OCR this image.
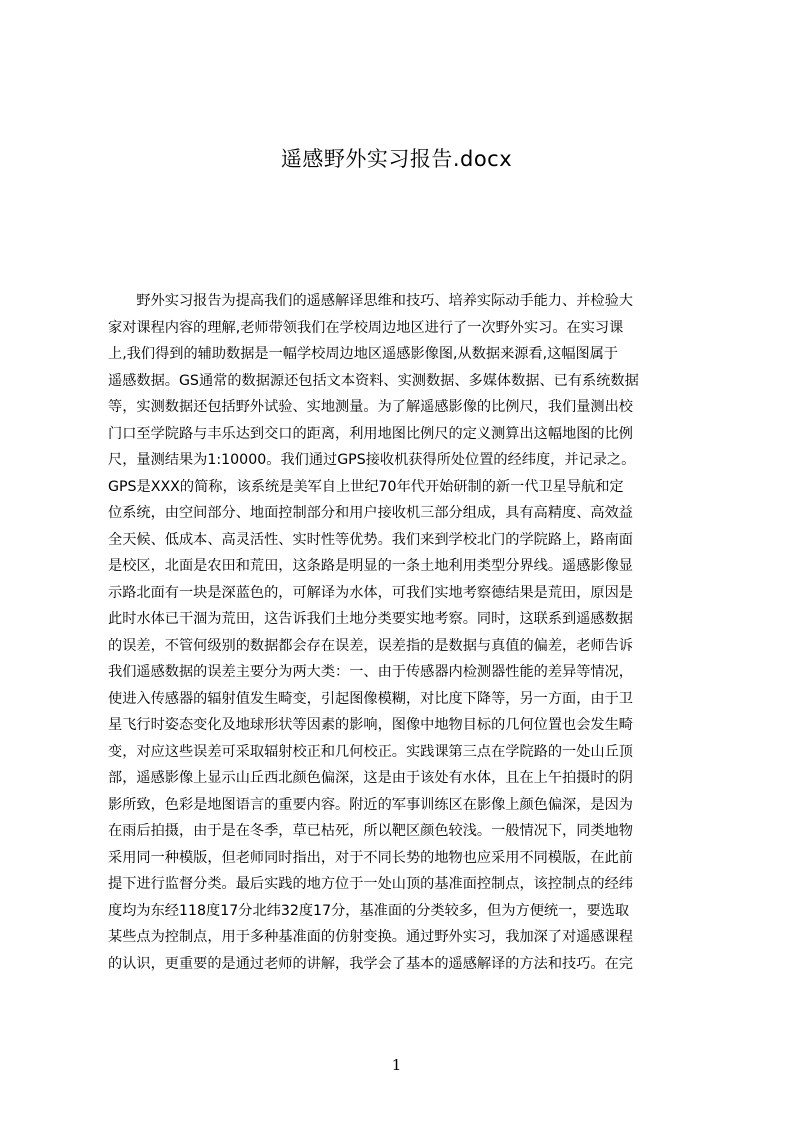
遥感野外实习报告.docx
　　野外实习报告为提高我们的遥感解译思维和技巧、培养实际动手能力、并检验大
家对课程内容的理解,老师带领我们在学校周边地区进行了一次野外实习。在实习课
上,我们得到的辅助数据是一幅学校周边地区遥感影像图,从数据来源看,这幅图属于
遥感数据。GS通常的数据源还包括文本资料、实测数据、多媒体数据、已有系统数据
等，实测数据还包括野外试验、实地测量。为了解遥感影像的比例尺，我们量测出校
门口至学院路与丰乐达到交口的距离，利用地图比例尺的定义测算出这幅地图的比例
尺，量测结果为1:10000。我们通过GPS接收机获得所处位置的经纬度，并记录之。
GPS是XXX的简称，该系统是美军自上世纪70年代开始研制的新一代卫星导航和定
位系统，由空间部分、地面控制部分和用户接收机三部分组成，具有高精度、高效益
全天候、低成本、高灵活性、实时性等优势。我们来到学校北门的学院路上，路南面
是校区，北面是农田和荒田，这条路是明显的一条土地利用类型分界线。遥感影像显
示路北面有一块是深蓝色的，可解译为水体，可我们实地考察德结果是荒田，原因是
此时水体已干涸为荒田，这告诉我们土地分类要实地考察。同时，这联系到遥感数据
的误差，不管何级别的数据都会存在误差，误差指的是数据与真值的偏差，老师告诉
我们遥感数据的误差主要分为两大类：一、由于传感器内检测器性能的差异等情况，
使进入传感器的辐射值发生畸变，引起图像模糊，对比度下降等，另一方面，由于卫
星飞行时姿态变化及地球形状等因素的影响，图像中地物目标的几何位置也会发生畸
变，对应这些误差可采取辐射校正和几何校正。实践课第三点在学院路的一处山丘顶
部，遥感影像上显示山丘西北颜色偏深，这是由于该处有水体，且在上午拍摄时的阴
影所致，色彩是地图语言的重要内容。附近的军事训练区在影像上颜色偏深，是因为
在雨后拍摄，由于是在冬季，草已枯死，所以靶区颜色较浅。一般情况下，同类地物
采用同一种模版，但老师同时指出，对于不同长势的地物也应采用不同模版，在此前
提下进行监督分类。最后实践的地方位于一处山顶的基准面控制点，该控制点的经纬
度均为东经118度17分北纬32度17分，基准面的分类较多，但为方便统一，要选取
某些点为控制点，用于多种基准面的仿射变换。通过野外实习，我加深了对遥感课程
的认识，更重要的是通过老师的讲解，我学会了基本的遥感解译的方法和技巧。在完
1
